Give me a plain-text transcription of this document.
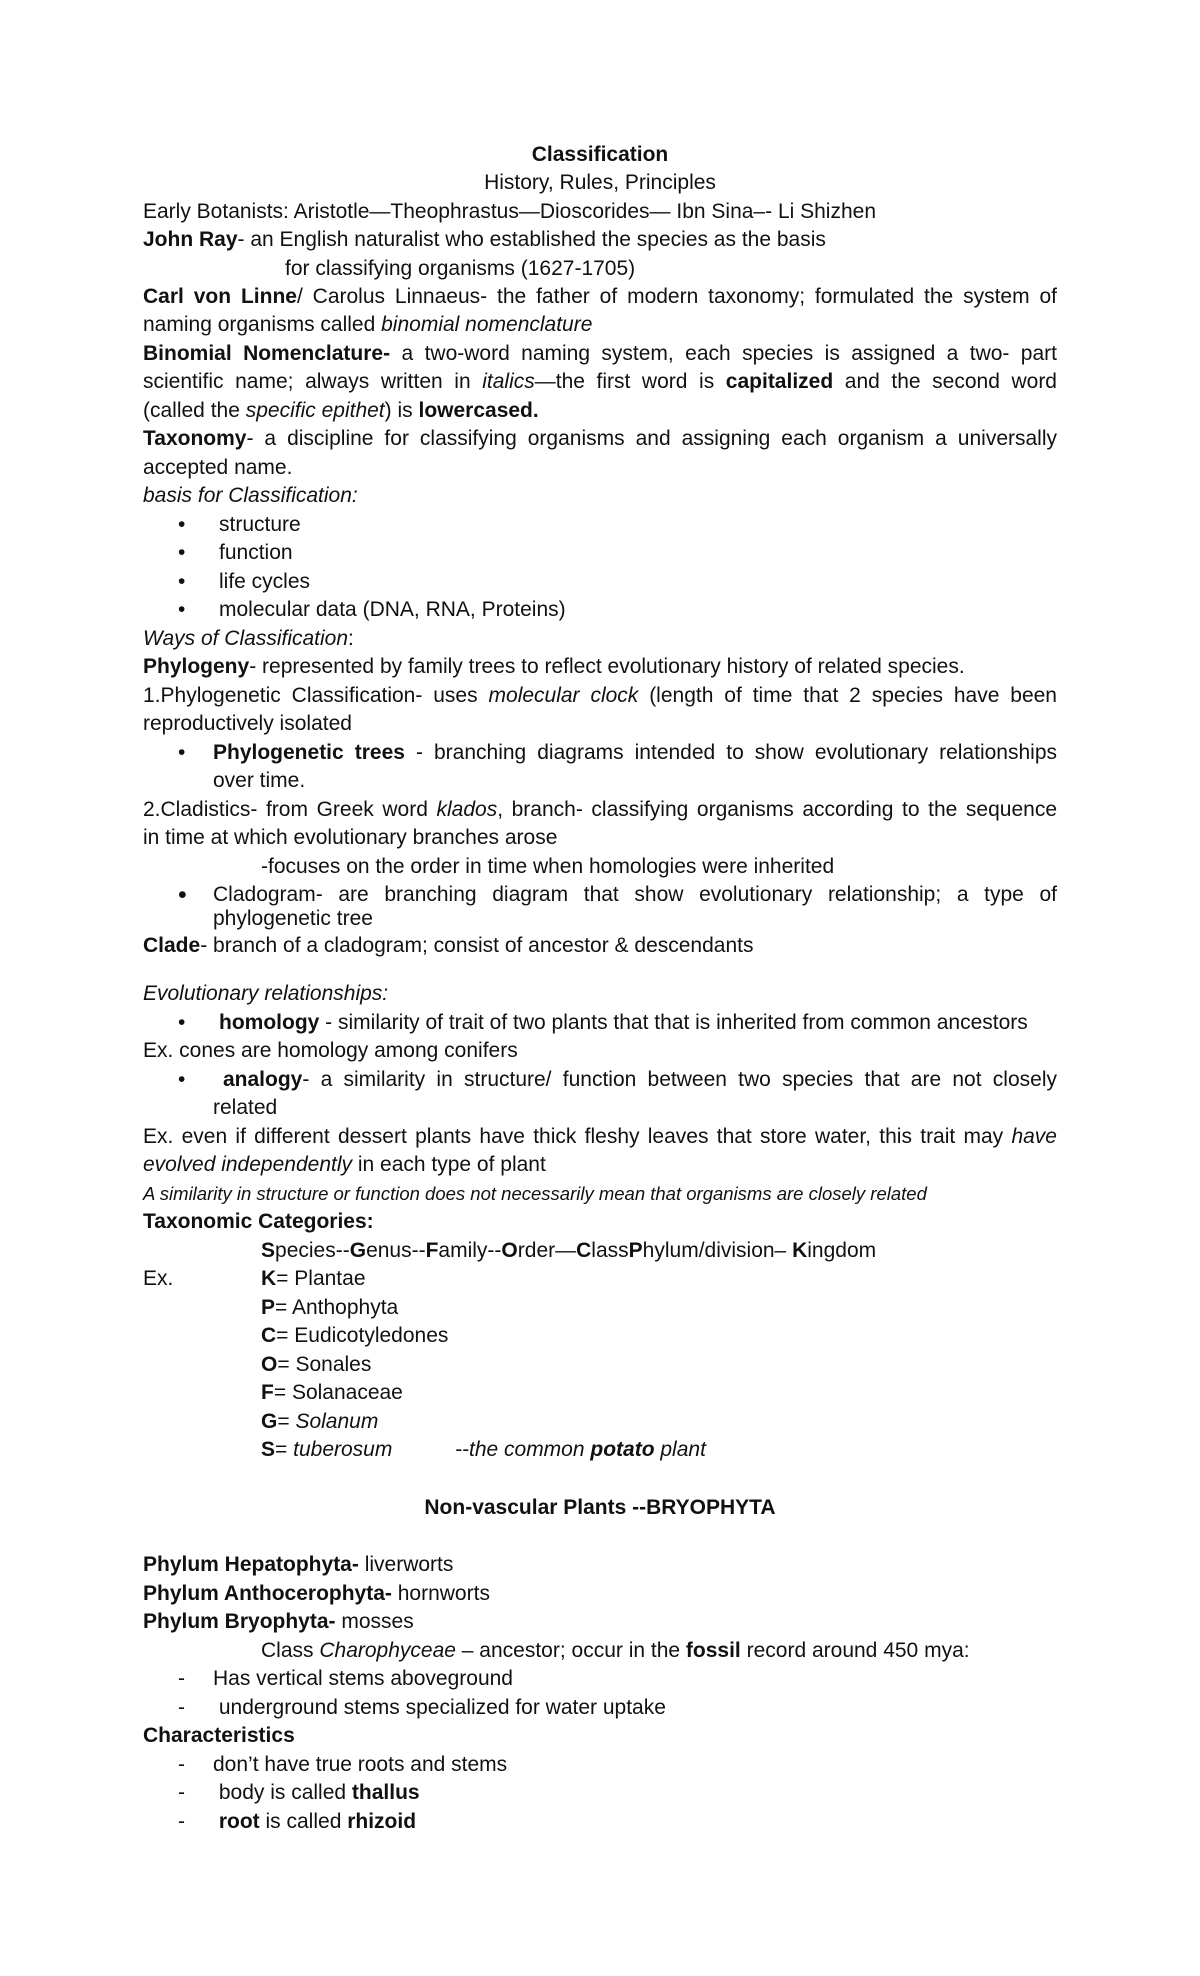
Classification
History, Rules, Principles
Early Botanists: Aristotle—Theophrastus—Dioscorides— Ibn Sina–- Li Shizhen
John Ray- an English naturalist who established the species as the basis
for classifying organisms (1627-1705)
Carl von Linne/ Carolus Linnaeus- the father of modern taxonomy; formulated the system of
naming organisms called binomial nomenclature
Binomial Nomenclature- a two-word naming system, each species is assigned a two- part
scientific name; always written in italics—the first word is capitalized and the second word
(called the specific epithet) is lowercased.
Taxonomy- a discipline for classifying organisms and assigning each organism a universally
accepted name.
basis for Classification:
• structure
• function
• life cycles
• molecular data (DNA, RNA, Proteins)
Ways of Classification:
Phylogeny- represented by family trees to reflect evolutionary history of related species.
1.Phylogenetic Classification- uses molecular clock (length of time that 2 species have been
reproductively isolated
• Phylogenetic trees - branching diagrams intended to show evolutionary relationships
over time.
2.Cladistics- from Greek word klados, branch- classifying organisms according to the sequence
in time at which evolutionary branches arose
-focuses on the order in time when homologies were inherited
• Cladogram- are branching diagram that show evolutionary relationship; a type of
phylogenetic tree
Clade- branch of a cladogram; consist of ancestor & descendants
Evolutionary relationships:
• homology - similarity of trait of two plants that that is inherited from common ancestors
Ex. cones are homology among conifers
• analogy- a similarity in structure/ function between two species that are not closely
related
Ex. even if different dessert plants have thick fleshy leaves that store water, this trait may have
evolved independently in each type of plant
A similarity in structure or function does not necessarily mean that organisms are closely related
Taxonomic Categories:
Species--Genus--Family--Order—ClassPhylum/division– Kingdom
Ex.	K= Plantae
P= Anthophyta
C= Eudicotyledones
O= Sonales
F= Solanaceae
G= Solanum
S= tuberosum	--the common potato plant
Non-vascular Plants --BRYOPHYTA
Phylum Hepatophyta- liverworts
Phylum Anthocerophyta- hornworts
Phylum Bryophyta- mosses
Class Charophyceae – ancestor; occur in the fossil record around 450 mya:
- Has vertical stems aboveground
- underground stems specialized for water uptake
Characteristics
- don’t have true roots and stems
- body is called thallus
- root is called rhizoid
